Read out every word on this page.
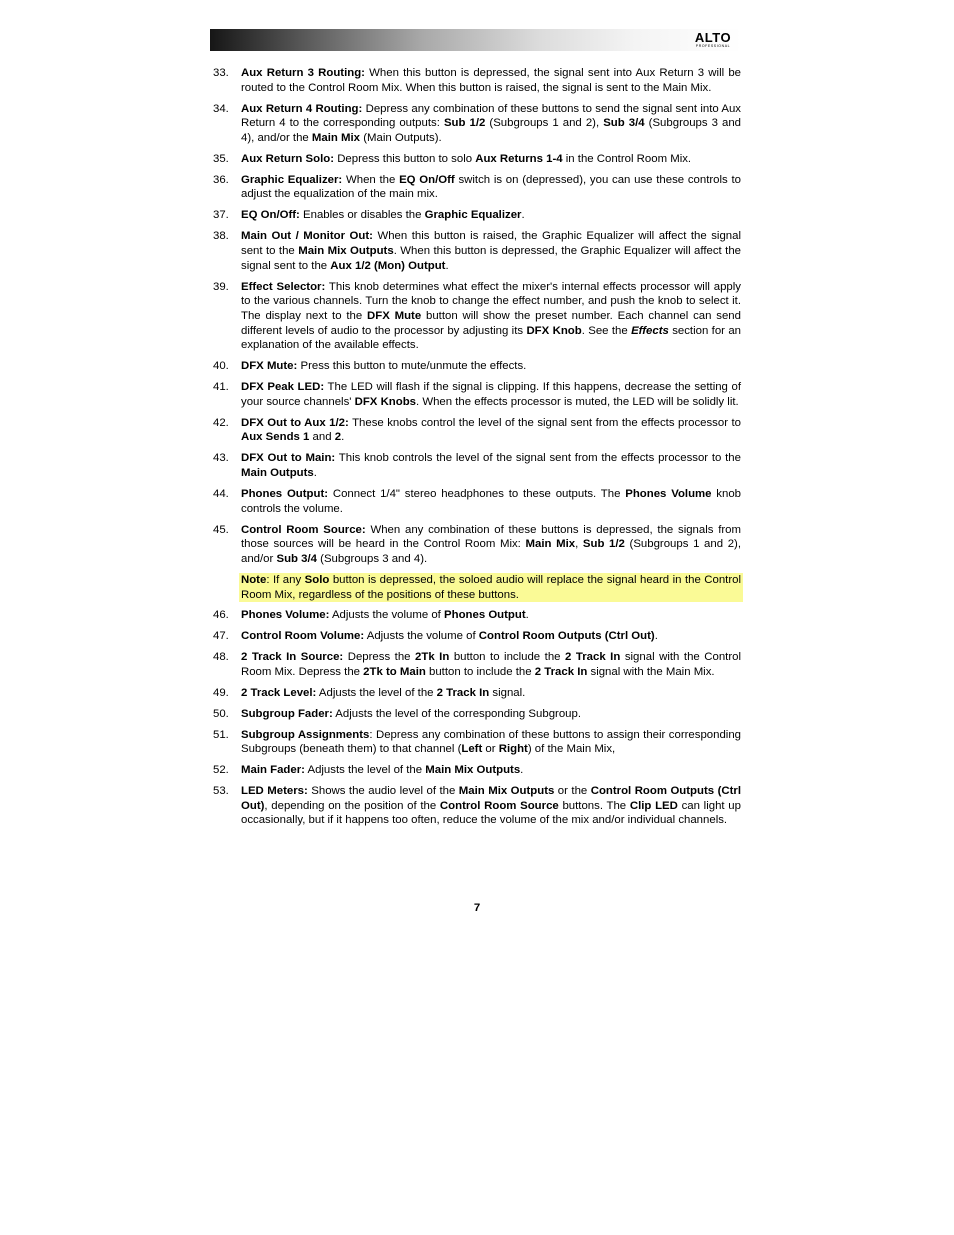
ALTO
PROFESSIONAL
33. Aux Return 3 Routing: When this button is depressed, the signal sent into Aux Return 3 will be routed to the Control Room Mix. When this button is raised, the signal is sent to the Main Mix.
34. Aux Return 4 Routing: Depress any combination of these buttons to send the signal sent into Aux Return 4 to the corresponding outputs: Sub 1/2 (Subgroups 1 and 2), Sub 3/4 (Subgroups 3 and 4), and/or the Main Mix (Main Outputs).
35. Aux Return Solo: Depress this button to solo Aux Returns 1-4 in the Control Room Mix.
36. Graphic Equalizer: When the EQ On/Off switch is on (depressed), you can use these controls to adjust the equalization of the main mix.
37. EQ On/Off: Enables or disables the Graphic Equalizer.
38. Main Out / Monitor Out: When this button is raised, the Graphic Equalizer will affect the signal sent to the Main Mix Outputs. When this button is depressed, the Graphic Equalizer will affect the signal sent to the Aux 1/2 (Mon) Output.
39. Effect Selector: This knob determines what effect the mixer's internal effects processor will apply to the various channels. Turn the knob to change the effect number, and push the knob to select it. The display next to the DFX Mute button will show the preset number. Each channel can send different levels of audio to the processor by adjusting its DFX Knob. See the Effects section for an explanation of the available effects.
40. DFX Mute: Press this button to mute/unmute the effects.
41. DFX Peak LED: The LED will flash if the signal is clipping. If this happens, decrease the setting of your source channels' DFX Knobs. When the effects processor is muted, the LED will be solidly lit.
42. DFX Out to Aux 1/2: These knobs control the level of the signal sent from the effects processor to Aux Sends 1 and 2.
43. DFX Out to Main: This knob controls the level of the signal sent from the effects processor to the Main Outputs.
44. Phones Output: Connect 1/4" stereo headphones to these outputs. The Phones Volume knob controls the volume.
45. Control Room Source: When any combination of these buttons is depressed, the signals from those sources will be heard in the Control Room Mix: Main Mix, Sub 1/2 (Subgroups 1 and 2), and/or Sub 3/4 (Subgroups 3 and 4).
Note: If any Solo button is depressed, the soloed audio will replace the signal heard in the Control Room Mix, regardless of the positions of these buttons.
46. Phones Volume: Adjusts the volume of Phones Output.
47. Control Room Volume: Adjusts the volume of Control Room Outputs (Ctrl Out).
48. 2 Track In Source: Depress the 2Tk In button to include the 2 Track In signal with the Control Room Mix. Depress the 2Tk to Main button to include the 2 Track In signal with the Main Mix.
49. 2 Track Level: Adjusts the level of the 2 Track In signal.
50. Subgroup Fader: Adjusts the level of the corresponding Subgroup.
51. Subgroup Assignments: Depress any combination of these buttons to assign their corresponding Subgroups (beneath them) to that channel (Left or Right) of the Main Mix,
52. Main Fader: Adjusts the level of the Main Mix Outputs.
53. LED Meters: Shows the audio level of the Main Mix Outputs or the Control Room Outputs (Ctrl Out), depending on the position of the Control Room Source buttons. The Clip LED can light up occasionally, but if it happens too often, reduce the volume of the mix and/or individual channels.
7
